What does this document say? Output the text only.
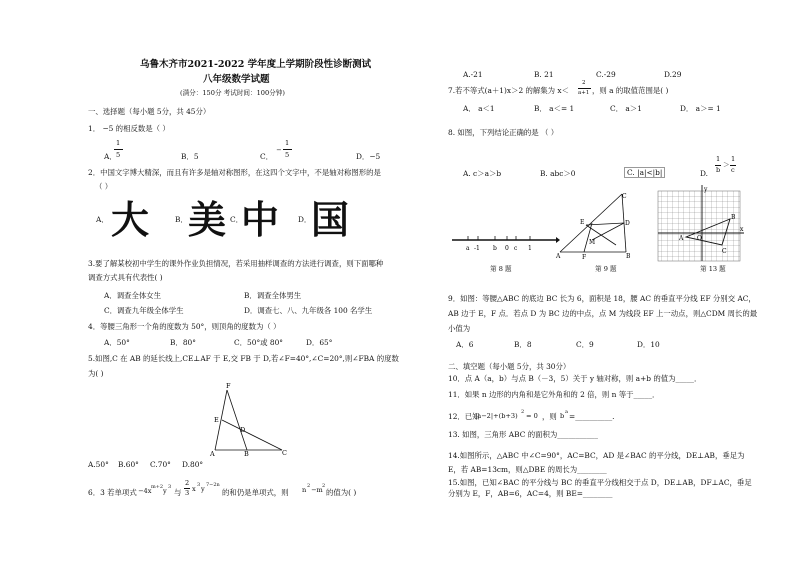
乌鲁木齐市2021-2022 学年度上学期阶段性诊断测试
八年级数学试题
(满分：150分 考试时间：100分钟)
一、选择题（每小题 5分，共 45分）
1． −5 的相反数是（ ）
A．
1
5	B．5	C．
−
1
5	D．−5
2．中国文字博大精深，而且有许多是轴对称图形，在这四个文字中，不是轴对称图形的是
（ ）
A． 大	B． 美 C．
中	D． 国
3.要了解某校初中学生的课外作业负担情况，若采用抽样调查的方法进行调查，则下面哪种
调查方式具有代表性( )
A．调查全体女生	B．调查全体男生
C．调查九年级全体学生	D．调查七、八、九年级各 100 名学生
4．等腰三角形一个角的度数为 50°，则顶角的度数为（ ）
A．50°	B．80°	C．50°或 80°	D．65°
5.如图,C 在 AB 的延长线上,CE⊥AF 于 E,交 FB 于 D,若∠F=40°,∠C=20°,则∠FBA 的度数
为( )
F
E
D
A	B	C
A.50° B.60° C.70° D.80°
6．3 若单项式 −4x m+2 y 3
与
2
3 x 3 y 7−2n
的和仍是单项式，则 n 2 −m 2
的值为( )
A.-21	B. 21	C.-29	D.29
7.若不等式(a＋1)x＞2 的解集为 x＜
2
a+1 ，则 a 的取值范围是( )
A． a＜1	B． a＜= 1	C． a＞1	D． a＞= 1
8. 如图，下列结论正确的是 （ ）
A. c＞a＞b	B. abc＞0	C. |a|<|b|	D.
1
b
＞
1
c
a -1 b 0 c 1
第 8 题
C
E
M
D
A	B
F
第 9 题
y
x
A
B
C
O
第 13 题
9．如图：等腰△ABC 的底边 BC 长为 6，面积是 18，腰 AC 的垂直平分线 EF 分别交 AC，
AB 边于 E，F 点．若点 D 为 BC 边的中点，点 M 为线段 EF 上一动点，则△CDM 周长的最
小值为
A．6	B．8	C．9	D．10
二、填空题（每小题 5分，共 30分）
10．点 A（a，b）与点 B（－3，5）关于 y 轴对称，则 a+b 的值为_____．
11．如果 n 边形的内角和是它外角和的 2 倍，则 n 等于_____．
12．已知
|a−2|+(b+3) 2 = 0 ，则 b a =__________.
13. 如图，三角形 ABC 的面积为___________
14.如图所示，△ABC 中∠C=90°，AC=BC，AD 是∠BAC 的平分线，DE⊥AB，垂足为
E，若 AB=13cm，则△DBE 的周长为________
15.如图，已知∠BAC 的平分线与 BC 的垂直平分线相交于点 D，DE⊥AB，DF⊥AC，垂足
分别为 E，F，AB=6，AC=4，则 BE=________
